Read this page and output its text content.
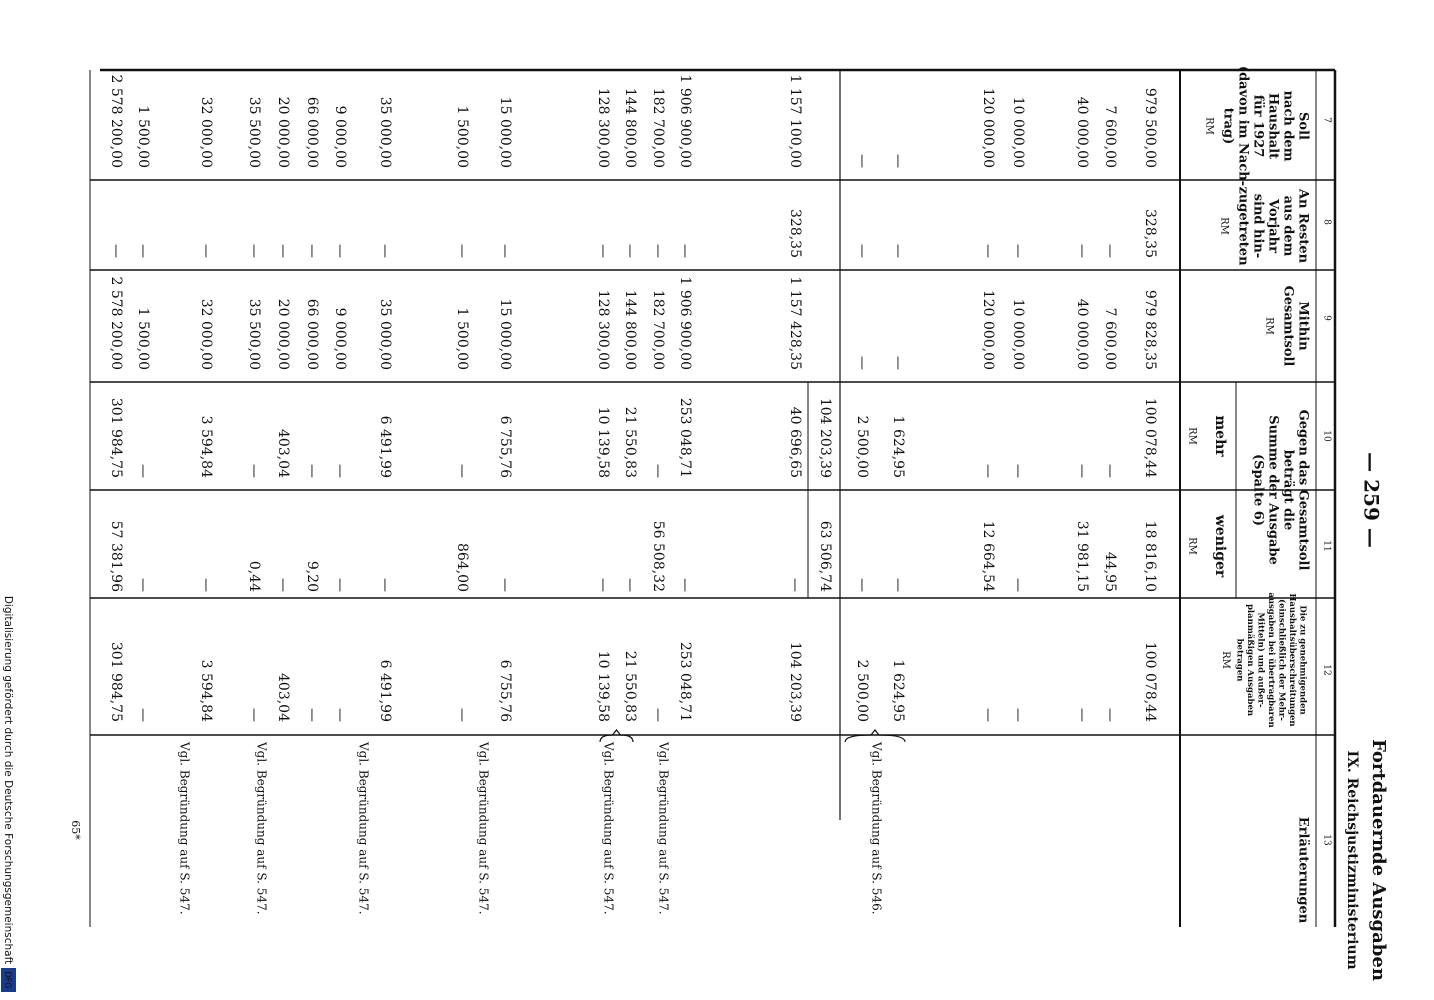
7
8
9
10
11
12
13
Soll
nach dem
Haushalt
für 1927
(davon im Nach-
trag)
RM
An Resten
aus dem
Vorjahr
sind hin-
zugetreten
RM
Mithin
Gesamtsoll
RM
Die zu genehmigenden
Haushaltsüberschreitungen
(einschließlich der Mehr-
ausgaben bei übertragbaren
Mitteln) und außer-
planmäßigen Ausgaben
betragen
RM
Erläuterungen
Gegen das Gesamtsoll
beträgt die
Summe der Ausgabe
(Spalte 6)
mehr
RM
weniger
RM
979 500,00
328,35
979 828,35
100 078,44
18 816,10
100 078,44
7 600,00
—
7 600,00
—
44,95
—
40 000,00
—
40 000,00
—
31 981,15
—
10 000,00
—
10 000,00
—
—
—
120 000,00
—
120 000,00
—
12 664,54
—
—
—
—
1 624,95
—
1 624,95
Vgl. Begründung auf S. 546.
—
—
—
2 500,00
—
2 500,00
104 203,39
63 506,74
1 157 100,00
328,35
1 157 428,35
40 696,65
—
104 203,39
1 906 900,00
—
1 906 900,00
253 048,71
—
253 048,71
Vgl. Begründung auf S. 547.
182 700,00
—
182 700,00
—
56 508,32
—
144 800,00
—
144 800,00
21 550,83
—
21 550,83
Vgl. Begründung auf S. 547.
128 300,00
—
128 300,00
10 139,58
—
10 139,58
15 000,00
—
15 000,00
6 755,76
—
6 755,76
Vgl. Begründung auf S. 547.
1 500,00
—
1 500,00
—
864,00
—
35 000,00
—
35 000,00
6 491,99
—
6 491,99
Vgl. Begründung auf S. 547.
9 000,00
—
9 000,00
—
—
—
66 000,00
—
66 000,00
—
9,20
—
20 000,00
—
20 000,00
403,04
—
403,04
Vgl. Begründung auf S. 547.
35 500,00
—
35 500,00
—
0,44
—
32 000,00
—
32 000,00
3 594,84
—
3 594,84
Vgl. Begründung auf S. 547.
1 500,00
—
1 500,00
—
—
—
2 578 200,00
—
2 578 200,00
301 984,75
57 381,96
301 984,75
— 259 —
Fortdauernde Ausgaben
IX. Reichsjustizministerium
65*
Digitalisierung gefördert durch die Deutsche Forschungsgemeinschaft
DFG
